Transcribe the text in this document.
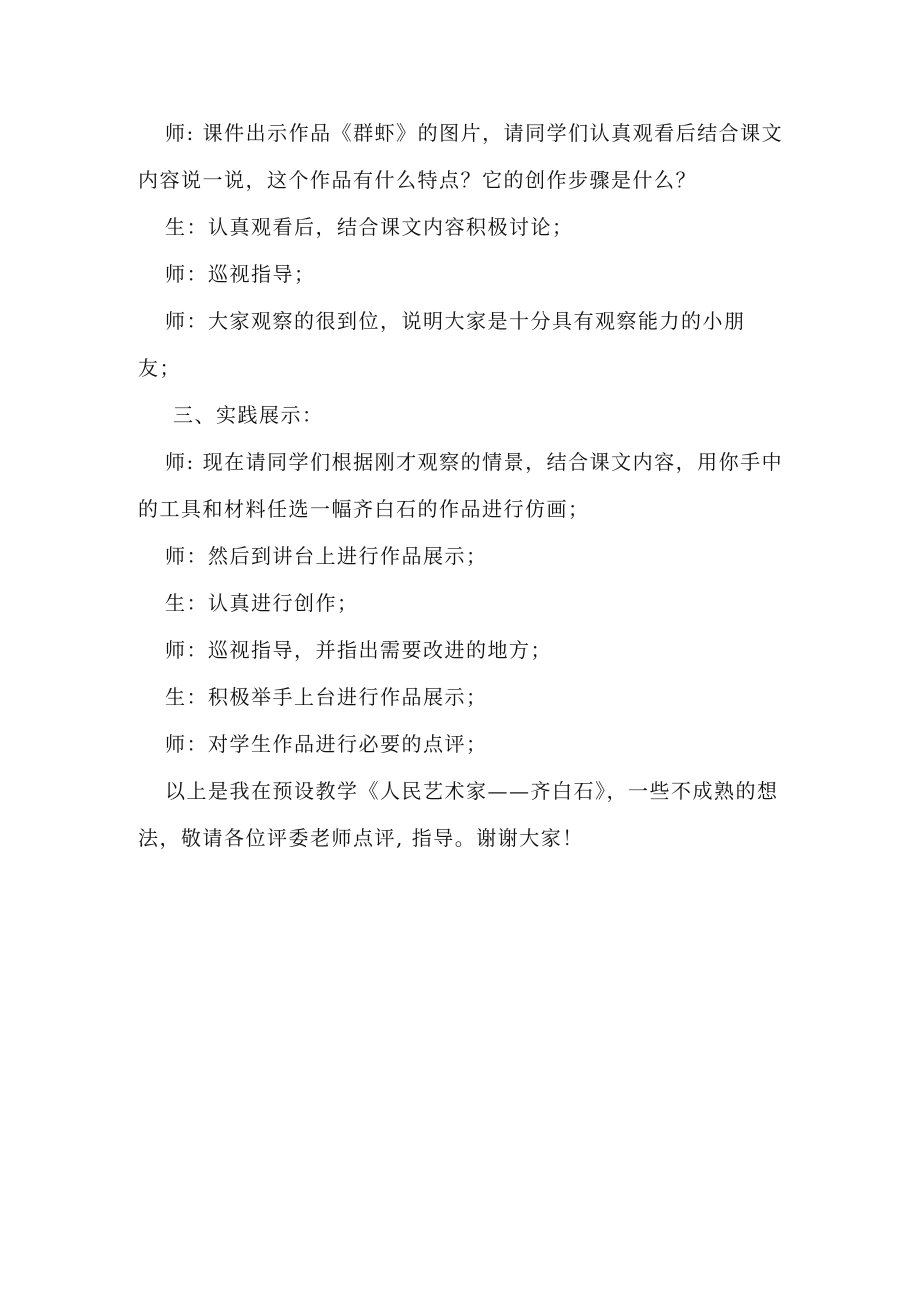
师: 课件出示作品《群虾》的图片，请同学们认真观看后结合课文内容说一说，这个作品有什么特点？它的创作步骤是什么？

生：认真观看后，结合课文内容积极讨论；

师：巡视指导；

师：大家观察的很到位，说明大家是十分具有观察能力的小朋友；

三、实践展示：

师: 现在请同学们根据刚才观察的情景，结合课文内容，用你手中的工具和材料任选一幅齐白石的作品进行仿画；

师：然后到讲台上进行作品展示；

生：认真进行创作；

师：巡视指导，并指出需要改进的地方；

生：积极举手上台进行作品展示；

师：对学生作品进行必要的点评；

以上是我在预设教学《人民艺术家——齐白石》，一些不成熟的想法，敬请各位评委老师点评, 指导。谢谢大家！
